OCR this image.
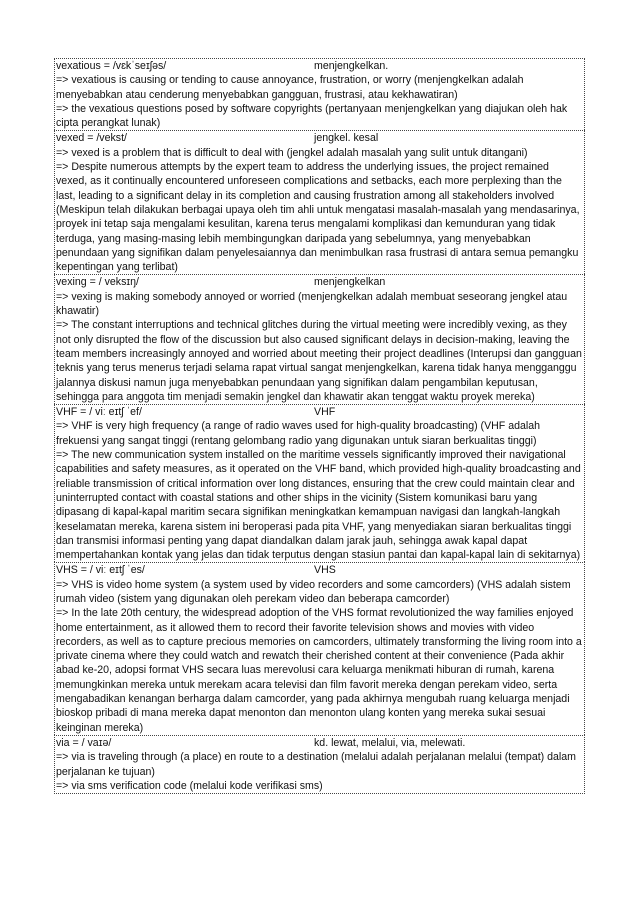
vexatious = /vɛkˈseɪʃəs/	menjengkelkan.
=> vexatious is causing or tending to cause annoyance, frustration, or worry (menjengkelkan adalah menyebabkan atau cenderung menyebabkan gangguan, frustrasi, atau kekhawatiran)
=> the vexatious questions posed by software copyrights (pertanyaan menjengkelkan yang diajukan oleh hak cipta perangkat lunak)
vexed = /vekst/	jengkel. kesal
=> vexed is a problem that is difficult to deal with (jengkel adalah masalah yang sulit untuk ditangani)
=> Despite numerous attempts by the expert team to address the underlying issues, the project remained vexed, as it continually encountered unforeseen complications and setbacks, each more perplexing than the last, leading to a significant delay in its completion and causing frustration among all stakeholders involved (Meskipun telah dilakukan berbagai upaya oleh tim ahli untuk mengatasi masalah-masalah yang mendasarinya, proyek ini tetap saja mengalami kesulitan, karena terus mengalami komplikasi dan kemunduran yang tidak terduga, yang masing-masing lebih membingungkan daripada yang sebelumnya, yang menyebabkan penundaan yang signifikan dalam penyelesaiannya dan menimbulkan rasa frustrasi di antara semua pemangku kepentingan yang terlibat)
vexing = / veksɪŋ/	menjengkelkan
=> vexing is making somebody annoyed or worried (menjengkelkan adalah membuat seseorang jengkel atau khawatir)
=> The constant interruptions and technical glitches during the virtual meeting were incredibly vexing, as they not only disrupted the flow of the discussion but also caused significant delays in decision-making, leaving the team members increasingly annoyed and worried about meeting their project deadlines (Interupsi dan gangguan teknis yang terus menerus terjadi selama rapat virtual sangat menjengkelkan, karena tidak hanya mengganggu jalannya diskusi namun juga menyebabkan penundaan yang signifikan dalam pengambilan keputusan, sehingga para anggota tim menjadi semakin jengkel dan khawatir akan tenggat waktu proyek mereka)
VHF = / viː eɪtʃ ˈef/	VHF
=> VHF is very high frequency (a range of radio waves used for high-quality broadcasting) (VHF adalah frekuensi yang sangat tinggi (rentang gelombang radio yang digunakan untuk siaran berkualitas tinggi)
=> The new communication system installed on the maritime vessels significantly improved their navigational capabilities and safety measures, as it operated on the VHF band, which provided high-quality broadcasting and reliable transmission of critical information over long distances, ensuring that the crew could maintain clear and uninterrupted contact with coastal stations and other ships in the vicinity (Sistem komunikasi baru yang dipasang di kapal-kapal maritim secara signifikan meningkatkan kemampuan navigasi dan langkah-langkah keselamatan mereka, karena sistem ini beroperasi pada pita VHF, yang menyediakan siaran berkualitas tinggi dan transmisi informasi penting yang dapat diandalkan dalam jarak jauh, sehingga awak kapal dapat mempertahankan kontak yang jelas dan tidak terputus dengan stasiun pantai dan kapal-kapal lain di sekitarnya)
VHS = / viː eɪtʃ ˈes/	VHS
=> VHS is video home system (a system used by video recorders and some camcorders) (VHS adalah sistem rumah video (sistem yang digunakan oleh perekam video dan beberapa camcorder)
=> In the late 20th century, the widespread adoption of the VHS format revolutionized the way families enjoyed home entertainment, as it allowed them to record their favorite television shows and movies with video recorders, as well as to capture precious memories on camcorders, ultimately transforming the living room into a private cinema where they could watch and rewatch their cherished content at their convenience (Pada akhir abad ke-20, adopsi format VHS secara luas merevolusi cara keluarga menikmati hiburan di rumah, karena memungkinkan mereka untuk merekam acara televisi dan film favorit mereka dengan perekam video, serta mengabadikan kenangan berharga dalam camcorder, yang pada akhirnya mengubah ruang keluarga menjadi bioskop pribadi di mana mereka dapat menonton dan menonton ulang konten yang mereka sukai sesuai keinginan mereka)
via = / vaɪə/	kd. lewat, melalui, via, melewati.
=> via is traveling through (a place) en route to a destination (melalui adalah perjalanan melalui (tempat) dalam perjalanan ke tujuan)
=> via sms verification code (melalui kode verifikasi sms)
